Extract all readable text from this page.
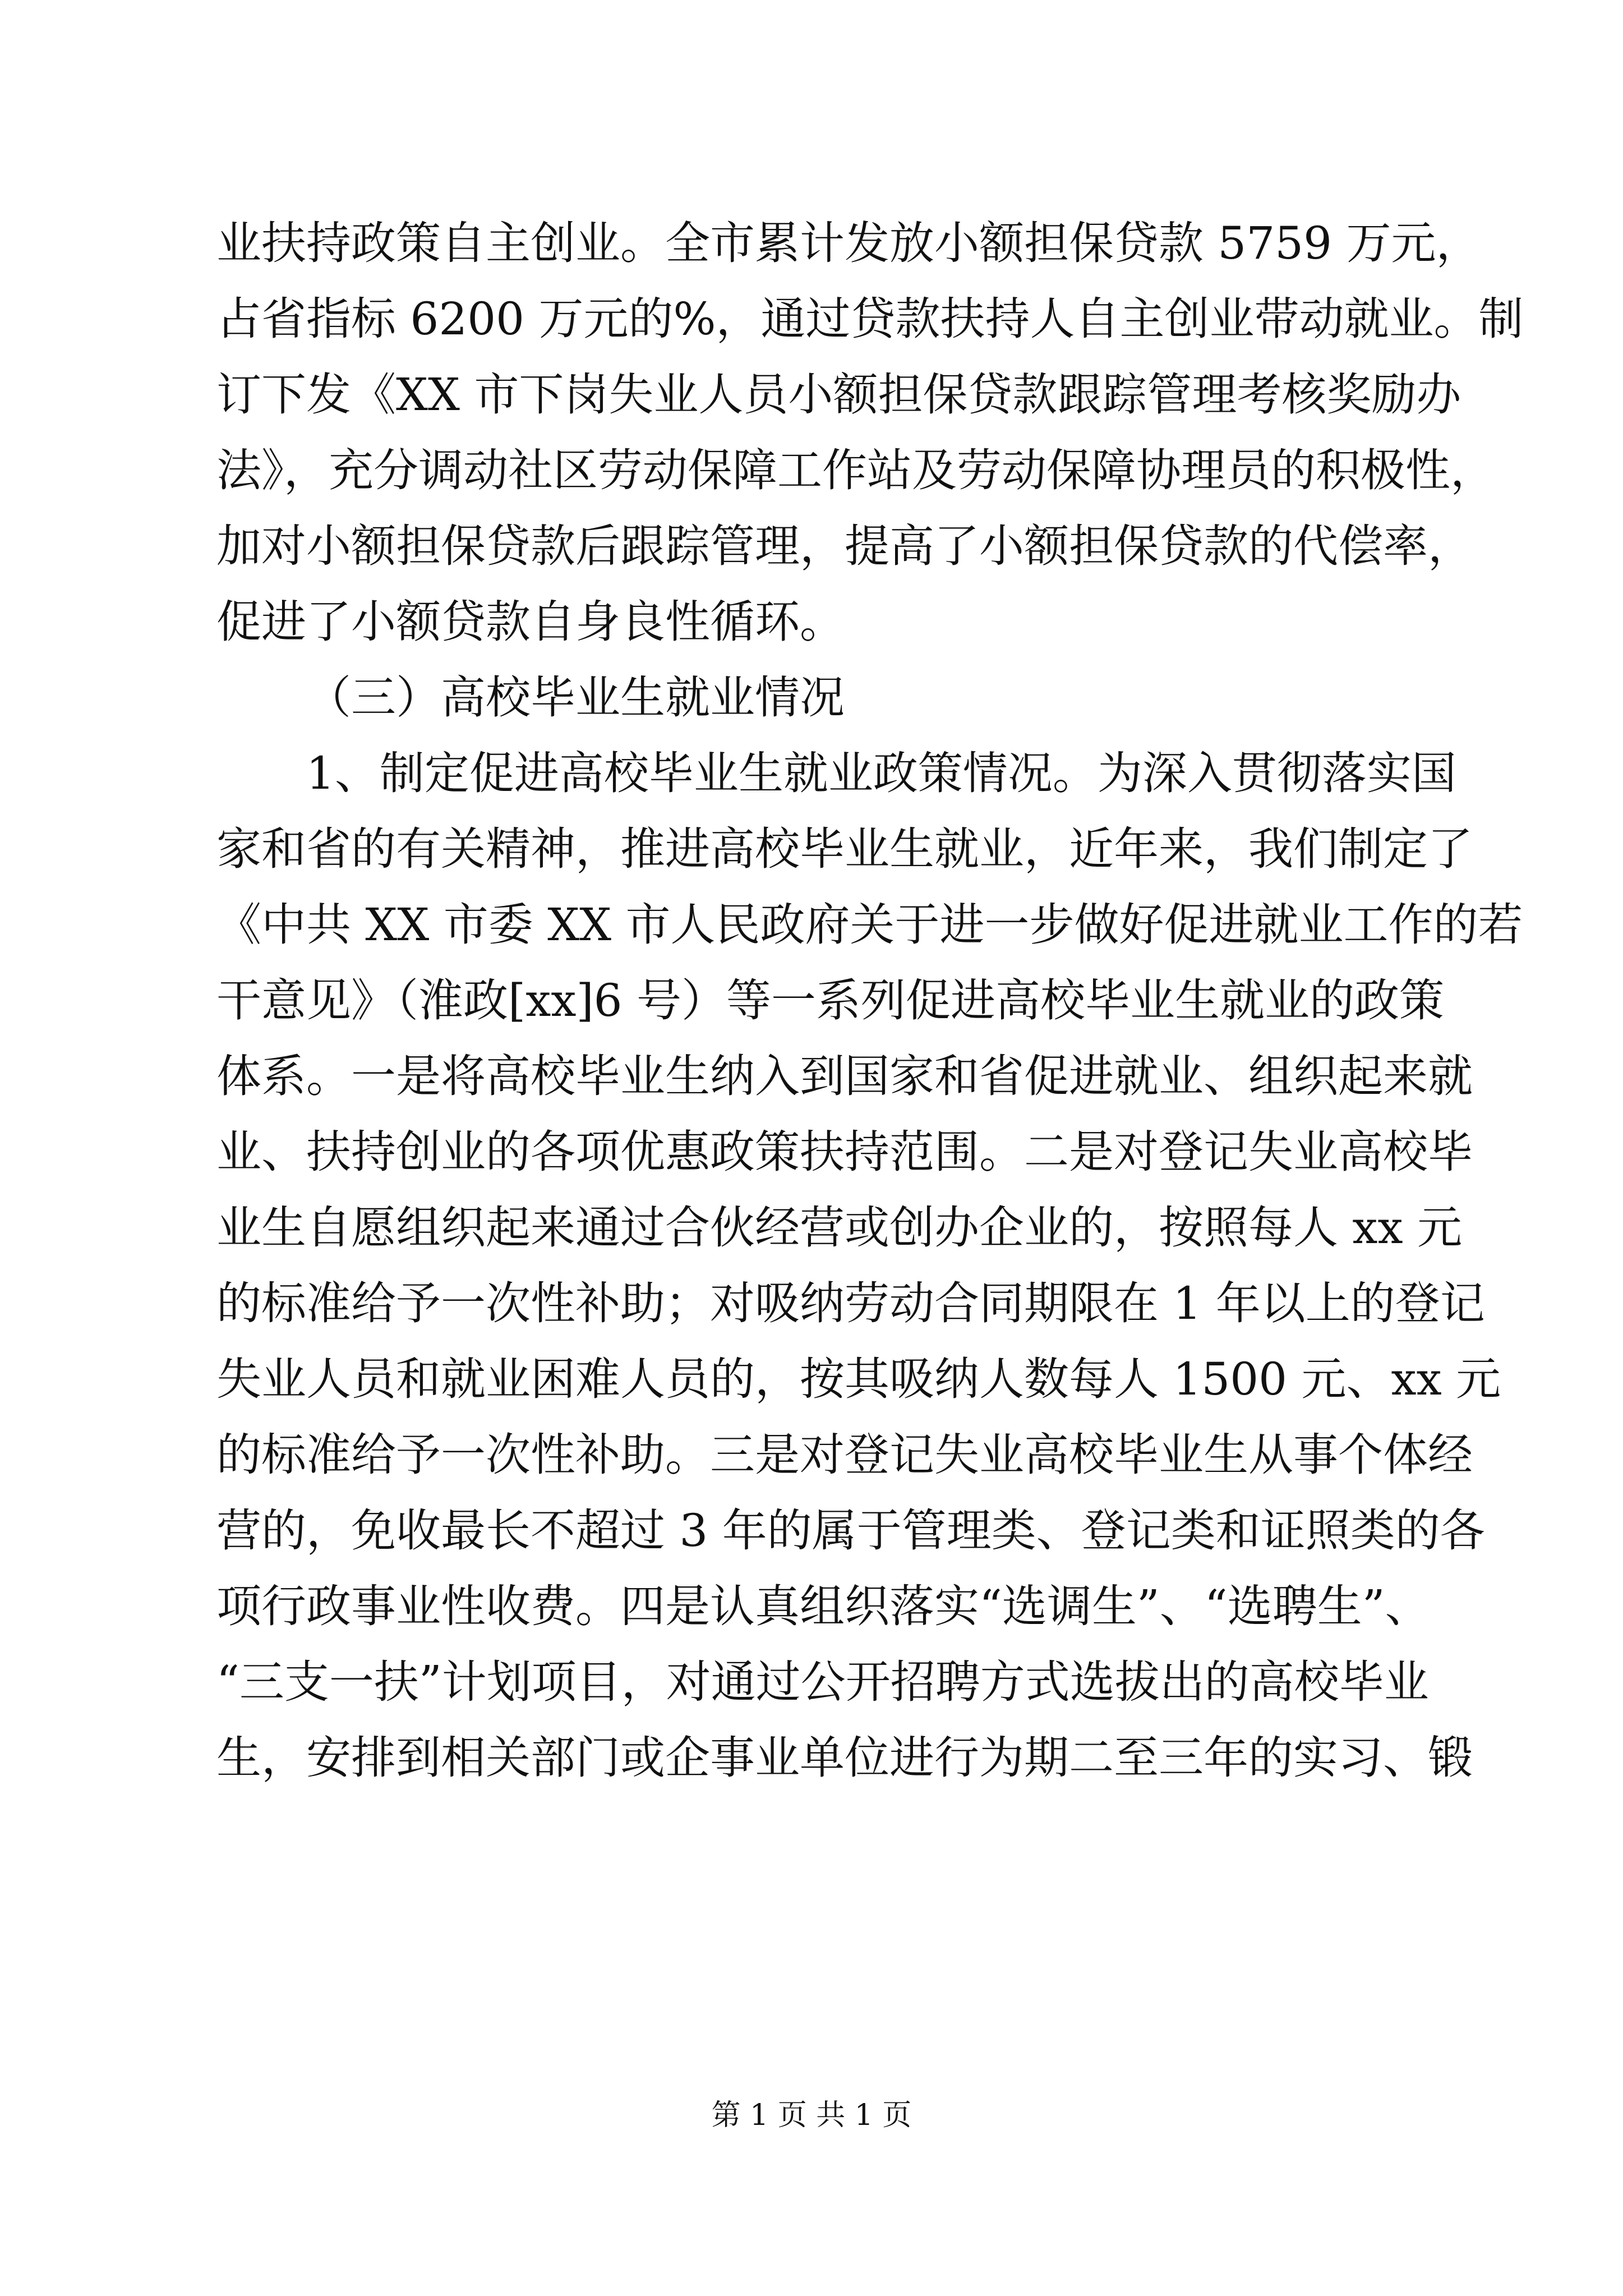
业扶持政策自主创业。全市累计发放小额担保贷款 5759 万元，
占省指标 6200 万元的%，通过贷款扶持人自主创业带动就业。制
订下发《XX 市下岗失业人员小额担保贷款跟踪管理考核奖励办
法》，充分调动社区劳动保障工作站及劳动保障协理员的积极性，
加对小额担保贷款后跟踪管理，提高了小额担保贷款的代偿率，
促进了小额贷款自身良性循环。
（三）高校毕业生就业情况
1、制定促进高校毕业生就业政策情况。为深入贯彻落实国
家和省的有关精神，推进高校毕业生就业，近年来，我们制定了
《中共 XX 市委 XX 市人民政府关于进一步做好促进就业工作的若
干意见》（淮政[xx]6 号）等一系列促进高校毕业生就业的政策
体系。一是将高校毕业生纳入到国家和省促进就业、组织起来就
业、扶持创业的各项优惠政策扶持范围。二是对登记失业高校毕
业生自愿组织起来通过合伙经营或创办企业的，按照每人 xx 元
的标准给予一次性补助；对吸纳劳动合同期限在 1 年以上的登记
失业人员和就业困难人员的，按其吸纳人数每人 1500 元、xx 元
的标准给予一次性补助。三是对登记失业高校毕业生从事个体经
营的，免收最长不超过 3 年的属于管理类、登记类和证照类的各
项行政事业性收费。四是认真组织落实“选调生”、“选聘生”、
“三支一扶”计划项目，对通过公开招聘方式选拔出的高校毕业
生，安排到相关部门或企事业单位进行为期二至三年的实习、锻
第 1 页 共 1 页
